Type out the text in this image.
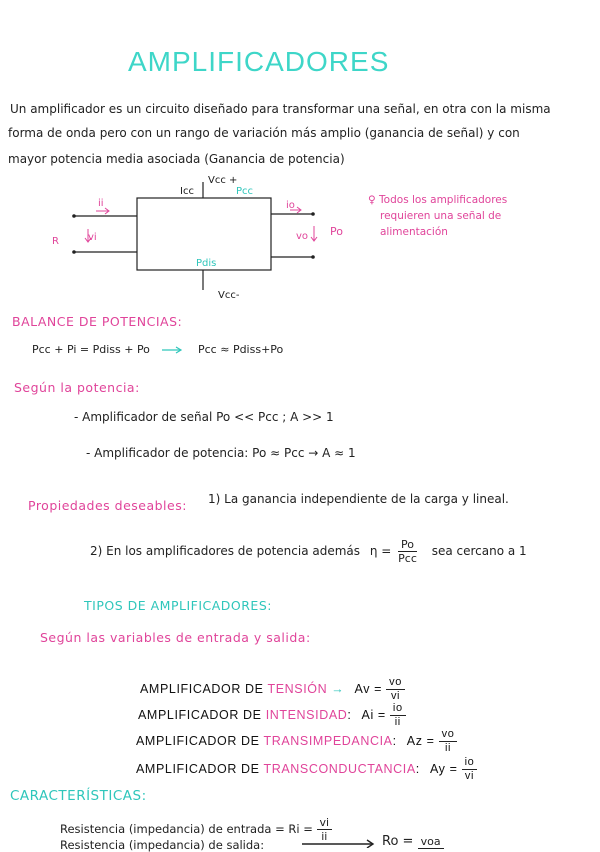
AMPLIFICADORES
Un amplificador es un circuito diseñado para transformar una señal, en otra con la misma
forma de onda pero con un rango de variación más amplio (ganancia de señal) y con
mayor potencia media asociada (Ganancia de potencia)
Vcc +
Icc	Pcc
ii
R	vi
io
vo Po
Pdis
Vcc-
♀ Todos los amplificadores
requieren una señal de
alimentación
BALANCE DE POTENCIAS:
Pcc + Pi = Pdiss + Po	Pcc ≈ Pdiss+Po
Según la potencia:
- Amplificador de señal Po << Pcc ; A >> 1
- Amplificador de potencia: Po ≈ Pcc → A ≈ 1
Propiedades deseables: 1) La ganancia independiente de la carga y lineal.
2) En los amplificadores de potencia además $\eta = \frac{Po}{\text{Pcc}}$ sea cercano a 1
TIPOS DE AMPLIFICADORES:
Según las variables de entrada y salida:
AMPLIFICADOR DE TENSIÓN → $Av = \frac{vo}{vi}$
AMPLIFICADOR DE INTENSIDAD: $Ai = \frac{io}{ii}$
AMPLIFICADOR DE TRANSIMPEDANCIA: $Az = \frac{vo}{ii}$
AMPLIFICADOR DE TRANSCONDUCTANCIA: $Ay = \frac{io}{vi}$
CARACTERÍSTICAS:
Resistencia (impedancia) de entrada = $Ri = \frac{vi}{ii}$
Resistencia (impedancia) de salida:	Ro = voa
